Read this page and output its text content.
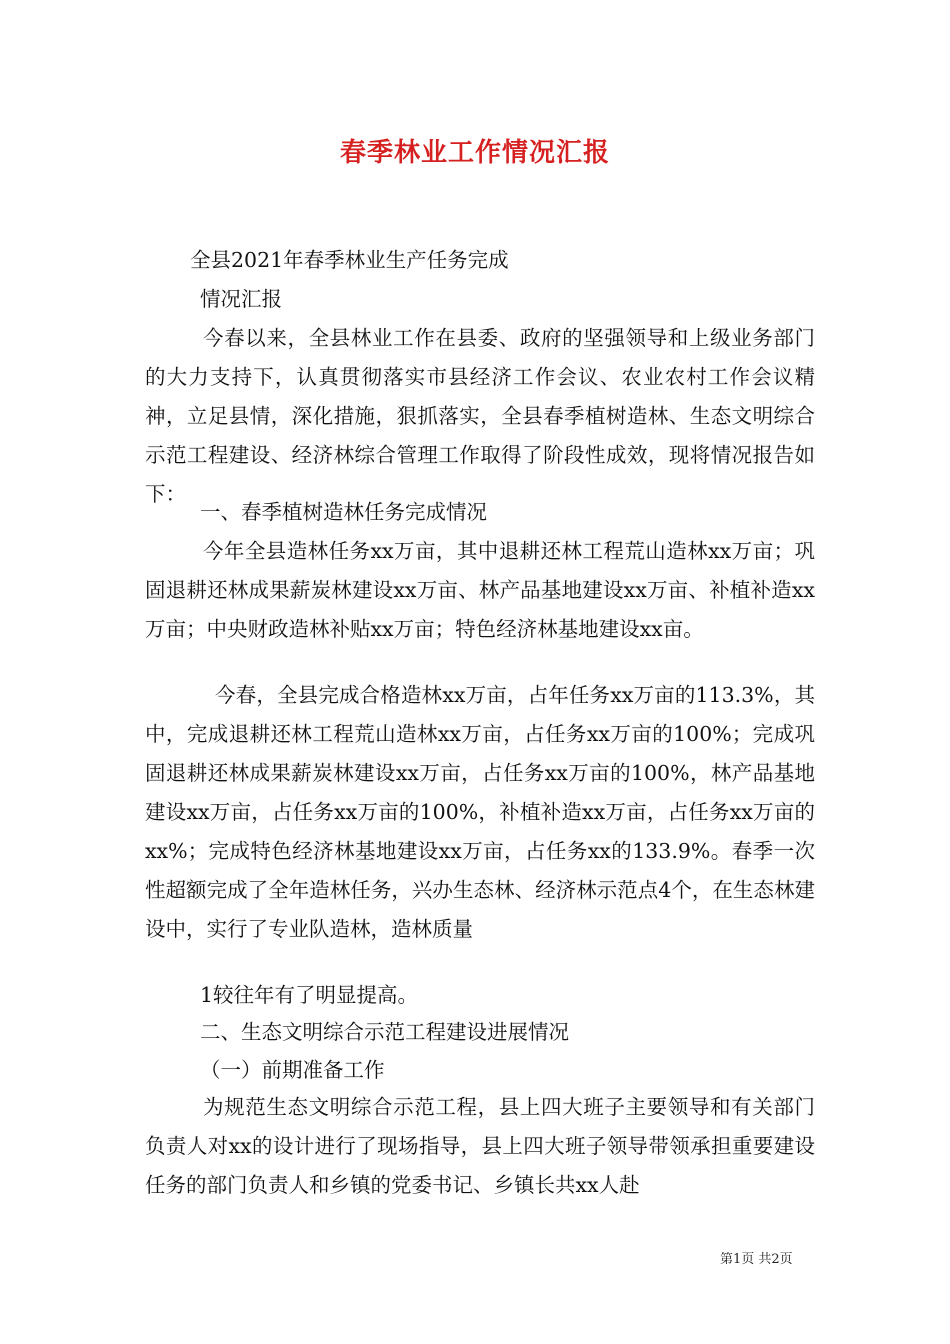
春季林业工作情况汇报
全县2021年春季林业生产任务完成
情况汇报

今春以来，全县林业工作在县委、政府的坚强领导和上级业务部门的大力支持下，认真贯彻落实市县经济工作会议、农业农村工作会议精神，立足县情，深化措施，狠抓落实，全县春季植树造林、生态文明综合示范工程建设、经济林综合管理工作取得了阶段性成效，现将情况报告如下：

一、春季植树造林任务完成情况

今年全县造林任务xx万亩，其中退耕还林工程荒山造林xx万亩；巩固退耕还林成果薪炭林建设xx万亩、林产品基地建设xx万亩、补植补造xx万亩；中央财政造林补贴xx万亩；特色经济林基地建设xx亩。

今春，全县完成合格造林xx万亩，占年任务xx万亩的113.3%，其中，完成退耕还林工程荒山造林xx万亩，占任务xx万亩的100%；完成巩固退耕还林成果薪炭林建设xx万亩，占任务xx万亩的100%，林产品基地建设xx万亩，占任务xx万亩的100%，补植补造xx万亩，占任务xx万亩的xx%；完成特色经济林基地建设xx万亩，占任务xx的133.9%。春季一次性超额完成了全年造林任务，兴办生态林、经济林示范点4个，在生态林建设中，实行了专业队造林，造林质量

1较往年有了明显提高。
二、生态文明综合示范工程建设进展情况
（一）前期准备工作

为规范生态文明综合示范工程，县上四大班子主要领导和有关部门负责人对xx的设计进行了现场指导，县上四大班子领导带领承担重要建设任务的部门负责人和乡镇的党委书记、乡镇长共xx人赴

第1页 共2页
